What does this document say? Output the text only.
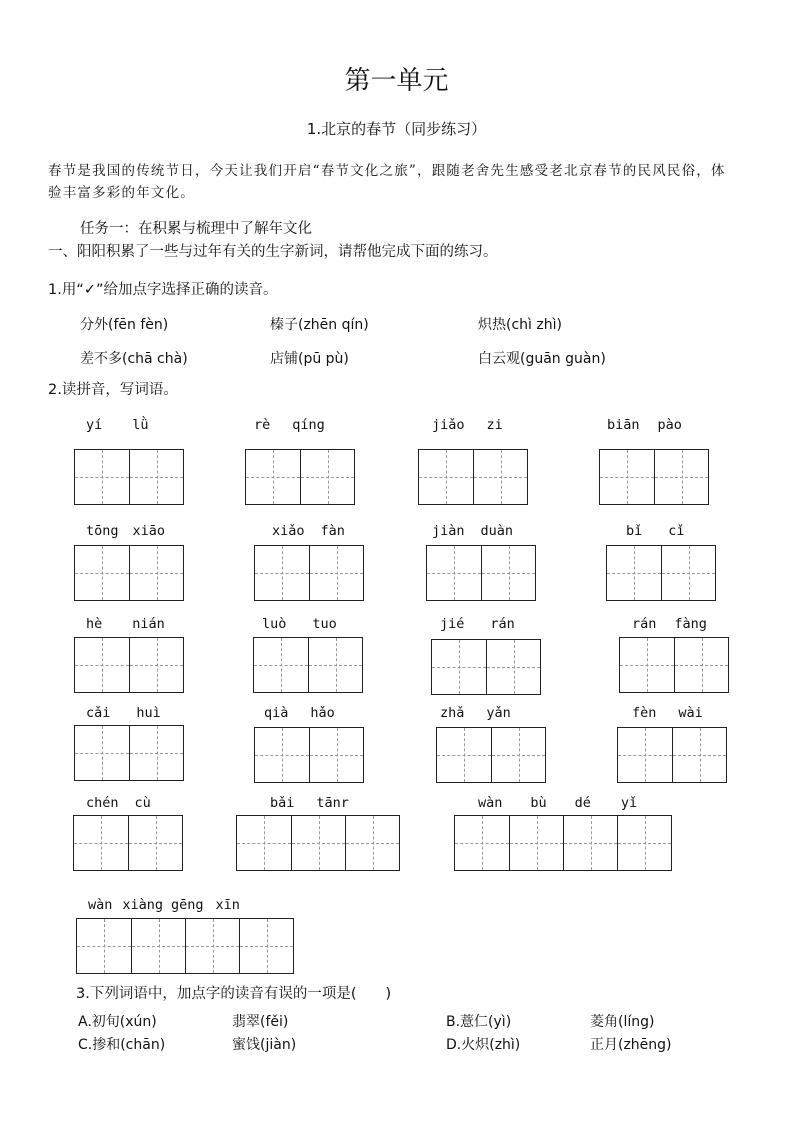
第一单元
1.北京的春节（同步练习）
春节是我国的传统节日，今天让我们开启“春节文化之旅”，跟随老舍先生感受老北京春节的民风民俗，体验丰富多彩的年文化。
任务一：在积累与梳理中了解年文化
一、阳阳积累了一些与过年有关的生字新词，请帮他完成下面的练习。
1.用“✓”给加点字选择正确的读音。
分外(fēn fèn)	榛子(zhēn qín)	炽热(chì zhì)
差不多(chā chà)	店铺(pū pù)	白云观(guān guàn)
2.读拼音，写词语。
yí lǜ	rè qíng	jiǎo zi	biān pào
tōng xiāo	xiǎo fàn	jiàn duàn	bǐ cǐ
hè nián	luò tuo	jié rán	rán fàng
cǎi huì	qià hǎo	zhǎ yǎn	fèn wài
chén cù	bǎi tānr	wàn bù dé yǐ
wàn xiàng gēng xīn
3.下列词语中，加点字的读音有误的一项是(　　)
A.初旬(xún)	翡翠(fěi)	B.薏仁(yì)	菱角(líng)
C.掺和(chān)	蜜饯(jiàn)	D.火炽(zhì)	正月(zhēng)
